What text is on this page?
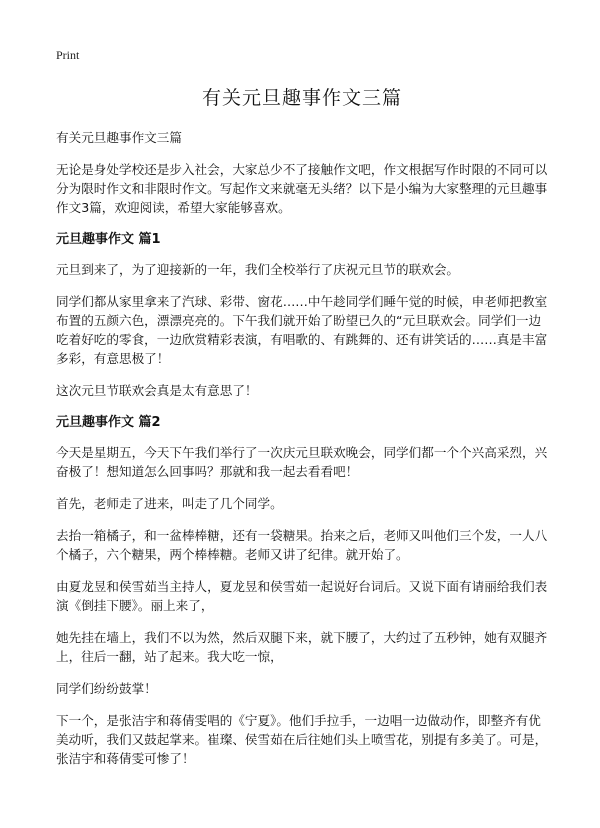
Print
有关元旦趣事作文三篇

有关元旦趣事作文三篇

无论是身处学校还是步入社会，大家总少不了接触作文吧，作文根据写作时限的不同可以分为限时作文和非限时作文。写起作文来就毫无头绪？以下是小编为大家整理的元旦趣事作文3篇，欢迎阅读，希望大家能够喜欢。

元旦趣事作文 篇1

元旦到来了，为了迎接新的一年，我们全校举行了庆祝元旦节的联欢会。

同学们都从家里拿来了汽球、彩带、窗花……中午趁同学们睡午觉的时候，申老师把教室布置的五颜六色，漂漂亮亮的。下午我们就开始了盼望已久的“元旦联欢会。同学们一边吃着好吃的零食，一边欣赏精彩表演，有唱歌的、有跳舞的、还有讲笑话的……真是丰富多彩，有意思极了！

这次元旦节联欢会真是太有意思了！

元旦趣事作文 篇2

今天是星期五，今天下午我们举行了一次庆元旦联欢晚会，同学们都一个个兴高采烈，兴奋极了！想知道怎么回事吗？那就和我一起去看看吧！

首先，老师走了进来，叫走了几个同学。

去抬一箱橘子，和一盆棒棒糖，还有一袋糖果。抬来之后，老师又叫他们三个发，一人八个橘子，六个糖果，两个棒棒糖。老师又讲了纪律。就开始了。

由夏龙昱和侯雪茹当主持人，夏龙昱和侯雪茹一起说好台词后。又说下面有请丽给我们表演《倒挂下腰》。丽上来了，

她先挂在墙上，我们不以为然，然后双腿下来，就下腰了，大约过了五秒钟，她有双腿齐上，往后一翻，站了起来。我大吃一惊，

同学们纷纷鼓掌！

下一个，是张洁宇和蒋倩雯唱的《宁夏》。他们手拉手，一边唱一边做动作，即整齐有优美动听，我们又鼓起掌来。崔璨、侯雪茹在后往她们头上喷雪花，别提有多美了。可是，张洁宇和蒋倩雯可惨了！
